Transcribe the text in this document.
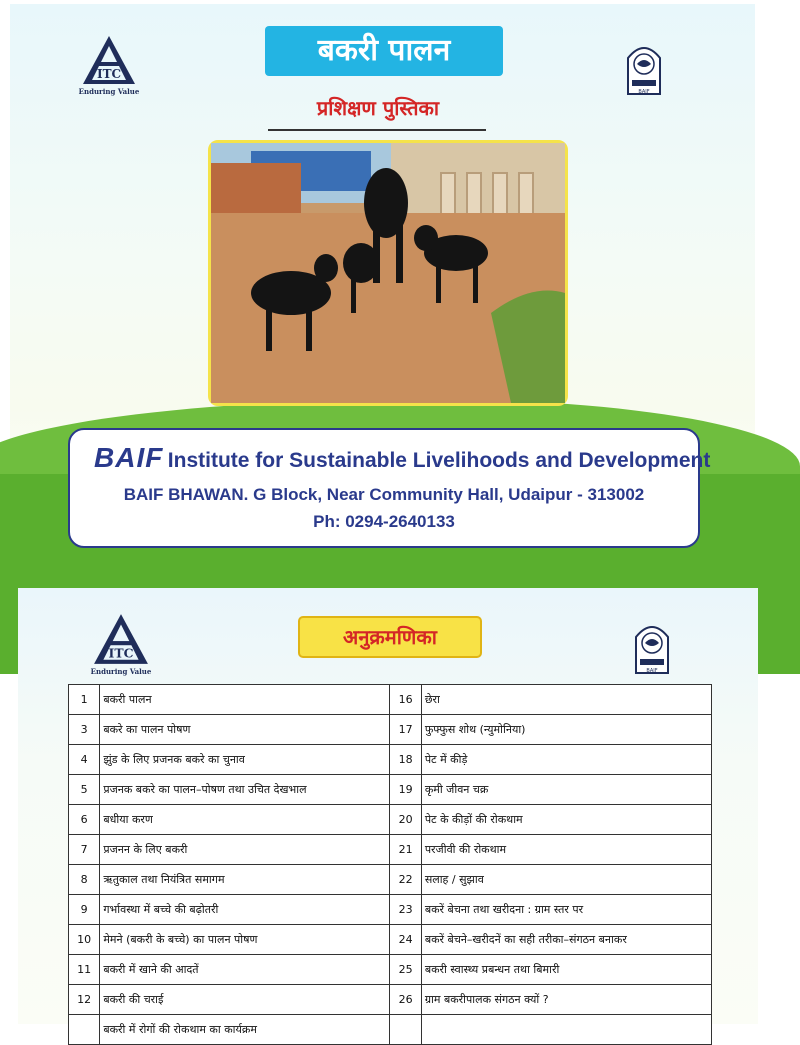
ITC
Enduring Value	BAIF
बकरी पालन
प्रशिक्षण पुस्तिका
BAIF Institute for Sustainable Livelihoods and Development
BAIF BHAWAN. G Block, Near Community Hall, Udaipur - 313002
Ph: 0294-2640133
ITC
Enduring Value	BAIF
अनुक्रमणिका
1	बकरी पालन	16	छेरा
3	बकरे का पालन पोषण	17	फुफ्फुस शोथ (न्युमोनिया)
4	झुंड के लिए प्रजनक बकरे का चुनाव	18	पेट में कीड़े
5	प्रजनक बकरे का पालन–पोषण तथा उचित देखभाल	19	कृमी जीवन चक्र
6	बधीया करण	20	पेट के कीड़ों की रोकथाम
7	प्रजनन के लिए बकरी	21	परजीवी की रोकथाम
8	ऋतुकाल तथा नियंत्रित समागम	22	सलाह / सुझाव
9	गर्भावस्था में बच्चे की बढ़ोतरी	23	बकरें बेचना तथा खरीदना : ग्राम स्तर पर
10	मेमने (बकरी के बच्चे) का पालन पोषण	24	बकरें बेचने–खरीदनें का सही तरीका–संगठन बनाकर
11	बकरी में खाने की आदतें	25	बकरी स्वास्थ्य प्रबन्धन तथा बिमारी
12	बकरी की चराई	26	ग्राम बकरीपालक संगठन क्यों ?
	बकरी में रोगों की रोकथाम का कार्यक्रम		
